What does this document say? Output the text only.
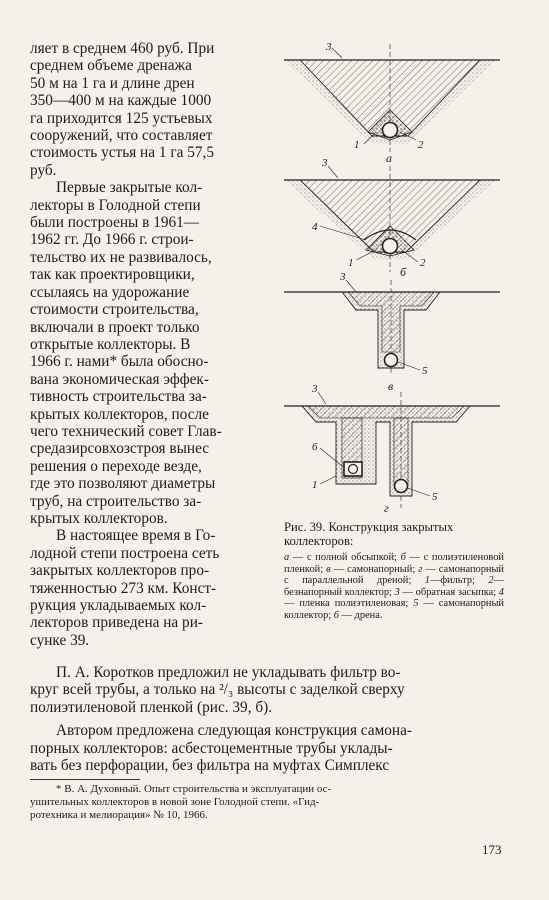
ляет в среднем 460 руб. При
среднем объеме дренажа
50 м на 1 га и длине дрен
350—400 м на каждые 1000
га приходится 125 устьевых
сооружений, что составляет
стоимость устья на 1 га 57,5
руб.

Первые закрытые кол-
лекторы в Голодной степи
были построены в 1961—
1962 гг. До 1966 г. строи-
тельство их не развивалось,
так как проектировщики,
ссылаясь на удорожание
стоимости строительства,
включали в проект только
открытые коллекторы. В
1966 г. нами* была обосно-
вана экономическая эффек-
тивность строительства за-
крытых коллекторов, после
чего технический совет Глав-
средазирсовхозстроя вынес
решения о переходе везде,
где это позволяют диаметры
труб, на строительство за-
крытых коллекторов.

В настоящее время в Го-
лодной степи построена сеть
закрытых коллекторов про-
тяженностью 273 км. Конст-
рукция укладываемых кол-
лекторов приведена на ри-
сунке 39.

3
1	2
а
3
4
1	2
б
3
5
в
3
6
1
5
г

Рис. 39. Конструкция закрытых коллекторов:

а — с полной обсыпкой; б — с полиэтиленовой пленкой; в — самонапорный; г — самонапорный с параллельной дреной; 1—фильтр; 2—безнапорный коллектор; 3 — обратная засыпка; 4 — пленка полиэтиленовая; 5 — самонапорный коллектор; 6 — дрена.

П. А. Коротков предложил не укладывать фильтр во-
круг всей трубы, а только на ²/₃ высоты с заделкой сверху
полиэтиленовой пленкой (рис. 39, б).

Автором предложена следующая конструкция самона-
порных коллекторов: асбестоцементные трубы уклады-
вать без перфорации, без фильтра на муфтах Симплекс

* В. А. Духовный. Опыт строительства и эксплуатации ос-
ушительных коллекторов в новой зоне Голодной степи. «Гид-
ротехника и мелиорация» № 10, 1966.

173
